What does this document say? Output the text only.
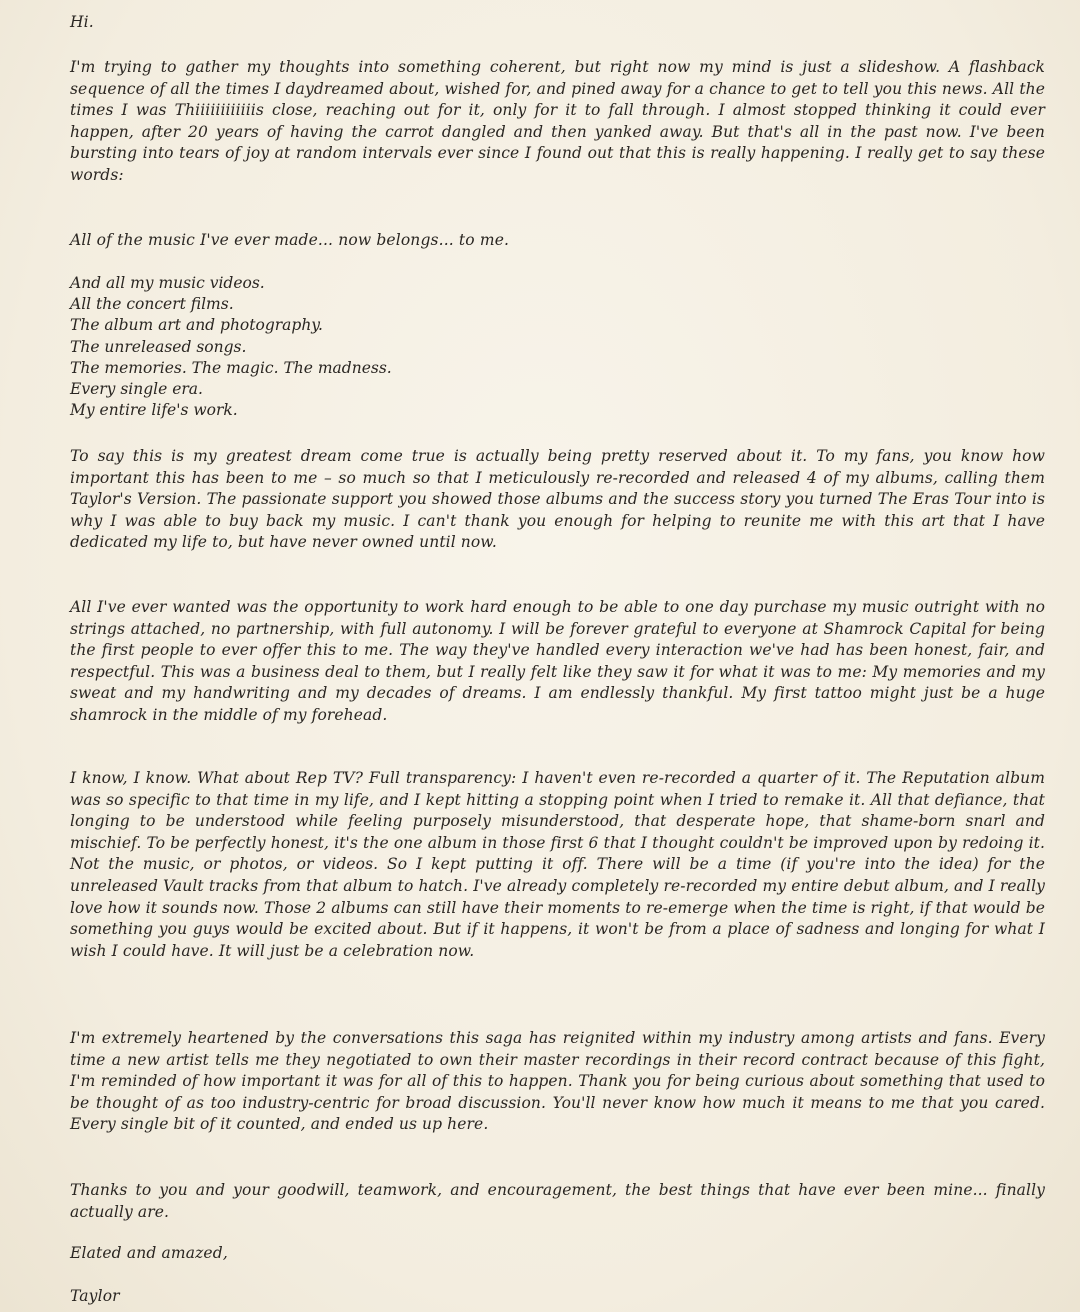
Hi.

I'm trying to gather my thoughts into something coherent, but right now my mind is just a slideshow. A flashback sequence of all the times I daydreamed about, wished for, and pined away for a chance to get to tell you this news. All the times I was Thiiiiiiiiiiiis close, reaching out for it, only for it to fall through. I almost stopped thinking it could ever happen, after 20 years of having the carrot dangled and then yanked away. But that's all in the past now. I've been bursting into tears of joy at random intervals ever since I found out that this is really happening. I really get to say these words:

All of the music I've ever made... now belongs... to me.

And all my music videos.
All the concert films.
The album art and photography.
The unreleased songs.
The memories. The magic. The madness.
Every single era.
My entire life's work.

To say this is my greatest dream come true is actually being pretty reserved about it. To my fans, you know how important this has been to me – so much so that I meticulously re-recorded and released 4 of my albums, calling them Taylor's Version. The passionate support you showed those albums and the success story you turned The Eras Tour into is why I was able to buy back my music. I can't thank you enough for helping to reunite me with this art that I have dedicated my life to, but have never owned until now.

All I've ever wanted was the opportunity to work hard enough to be able to one day purchase my music outright with no strings attached, no partnership, with full autonomy. I will be forever grateful to everyone at Shamrock Capital for being the first people to ever offer this to me. The way they've handled every interaction we've had has been honest, fair, and respectful. This was a business deal to them, but I really felt like they saw it for what it was to me: My memories and my sweat and my handwriting and my decades of dreams. I am endlessly thankful. My first tattoo might just be a huge shamrock in the middle of my forehead.

I know, I know. What about Rep TV? Full transparency: I haven't even re-recorded a quarter of it. The Reputation album was so specific to that time in my life, and I kept hitting a stopping point when I tried to remake it. All that defiance, that longing to be understood while feeling purposely misunderstood, that desperate hope, that shame-born snarl and mischief. To be perfectly honest, it's the one album in those first 6 that I thought couldn't be improved upon by redoing it. Not the music, or photos, or videos. So I kept putting it off. There will be a time (if you're into the idea) for the unreleased Vault tracks from that album to hatch. I've already completely re-recorded my entire debut album, and I really love how it sounds now. Those 2 albums can still have their moments to re-emerge when the time is right, if that would be something you guys would be excited about. But if it happens, it won't be from a place of sadness and longing for what I wish I could have. It will just be a celebration now.

I'm extremely heartened by the conversations this saga has reignited within my industry among artists and fans. Every time a new artist tells me they negotiated to own their master recordings in their record contract because of this fight, I'm reminded of how important it was for all of this to happen. Thank you for being curious about something that used to be thought of as too industry-centric for broad discussion. You'll never know how much it means to me that you cared. Every single bit of it counted, and ended us up here.

Thanks to you and your goodwill, teamwork, and encouragement, the best things that have ever been mine... finally actually are.

Elated and amazed,

Taylor
